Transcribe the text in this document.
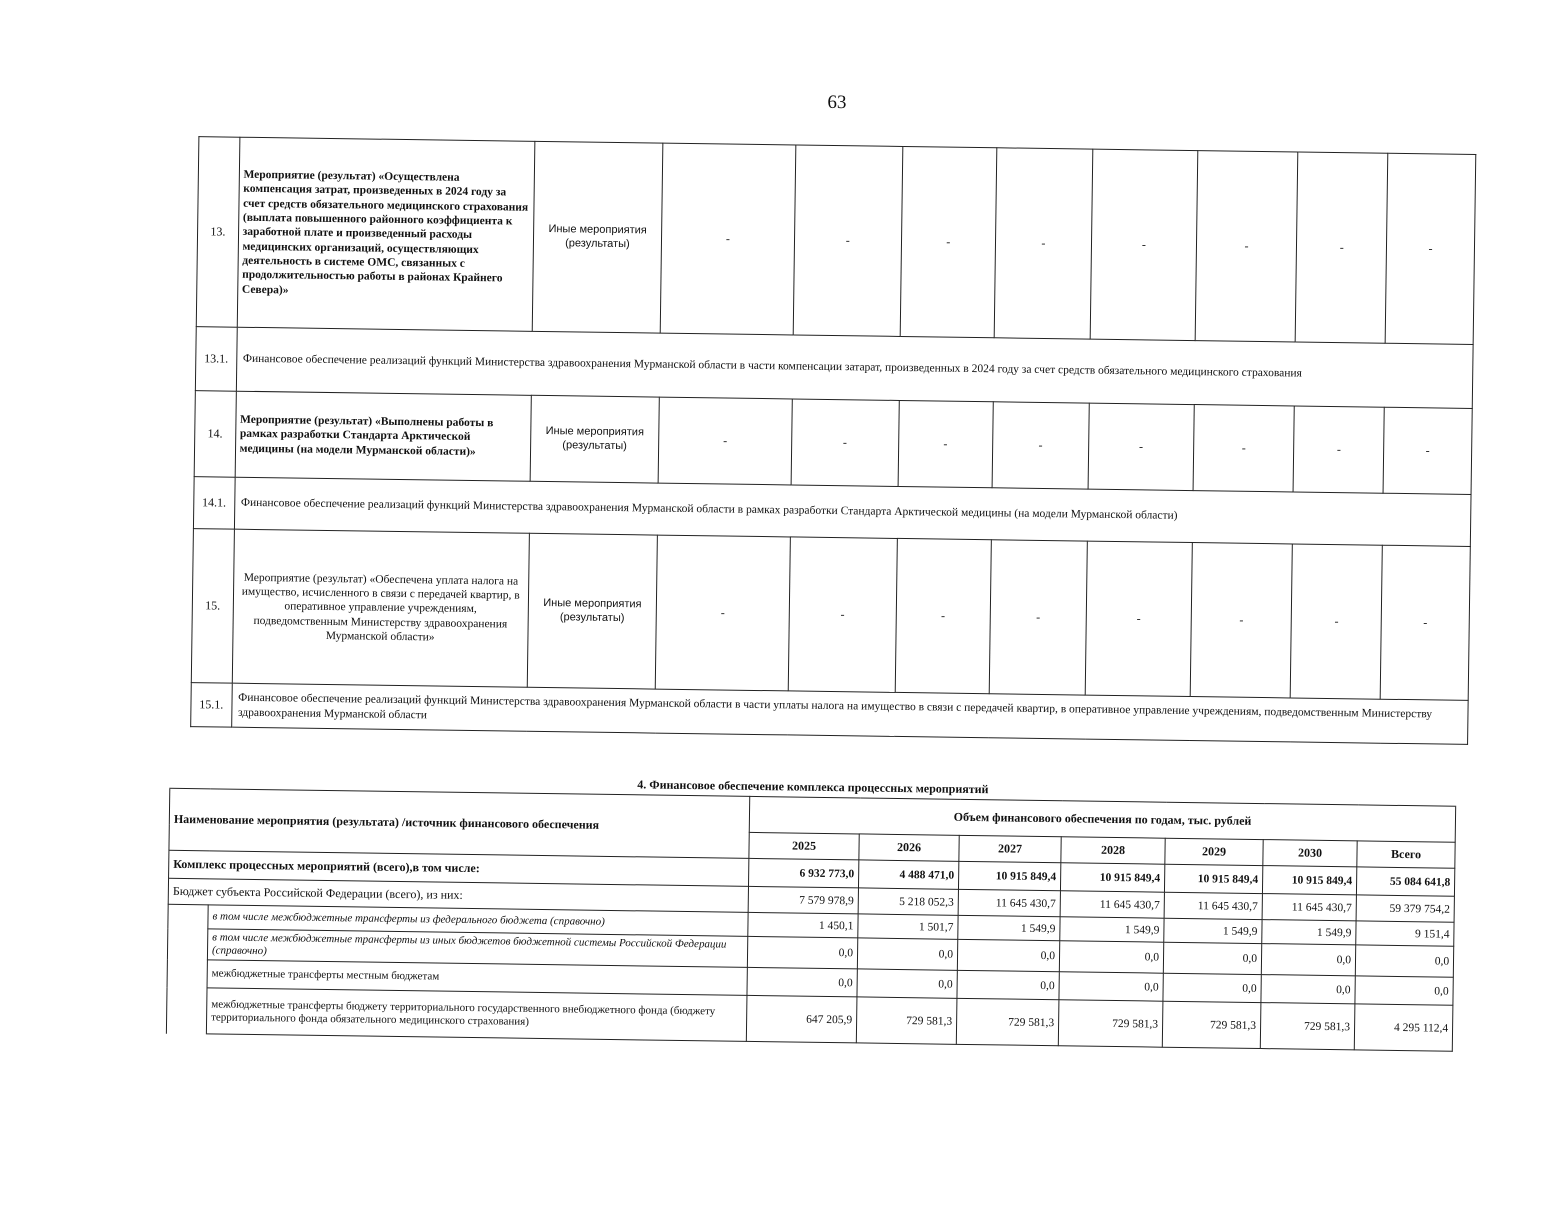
63
13.	Мероприятие (результат) «Осуществлена компенсация затрат, произведенных в 2024 году за счет средств обязательного медицинского страхования (выплата повышенного районного коэффициента к заработной плате и произведенный расходы медицинских организаций, осуществляющих деятельность в системе ОМС, связанных с продолжительностью работы в районах Крайнего Севера)»	Иные мероприятия (результаты)	-	-	-	-	-	-	-	-
13.1.	Финансовое обеспечение реализаций функций Министерства здравоохранения Мурманской области в части компенсации затарат, произведенных в 2024 году за счет средств обязательного медицинского страхования									
14.	Мероприятие (результат) «Выполнены работы в рамках разработки Стандарта Арктической медицины (на модели Мурманской области)»	Иные мероприятия (результаты)	-	-	-	-	-	-	-	-
14.1.	Финансовое обеспечение реализаций функций Министерства здравоохранения Мурманской области в рамках разработки Стандарта Арктической медицины (на модели Мурманской области)									
15.	Мероприятие (результат) «Обеспечена уплата налога на имущество, исчисленного в связи с передачей квартир, в оперативное управление учреждениям, подведомственным Министерству здравоохранения Мурманской области»	Иные мероприятия (результаты)	-	-	-	-	-	-	-	-
15.1.	Финансовое обеспечение реализаций функций Министерства здравоохранения Мурманской области в части уплаты налога на имущество в связи с передачей квартир, в оперативное управление учреждениям, подведомственным Министерству здравоохранения Мурманской области									
4. Финансовое обеспечение комплекса процессных мероприятий								
Наименование мероприятия (результата) /источник финансового обеспечения		Объем финансового обеспечения по годам, тыс. рублей						
		2025	2026	2027	2028	2029	2030	Всего
Комплекс процессных мероприятий (всего),в том числе:		6 932 773,0	4 488 471,0	10 915 849,4	10 915 849,4	10 915 849,4	10 915 849,4	55 084 641,8
Бюджет субъекта Российской Федерации (всего), из них:		7 579 978,9	5 218 052,3	11 645 430,7	11 645 430,7	11 645 430,7	11 645 430,7	59 379 754,2
	в том числе межбюджетные трансферты из федерального бюджета (справочно)	1 450,1	1 501,7	1 549,9	1 549,9	1 549,9	1 549,9	9 151,4
	в том числе межбюджетные трансферты из иных бюджетов бюджетной системы Российской Федерации (справочно)	0,0	0,0	0,0	0,0	0,0	0,0	0,0
	межбюджетные трансферты местным бюджетам	0,0	0,0	0,0	0,0	0,0	0,0	0,0
	межбюджетные трансферты бюджету территориального государственного внебюджетного фонда (бюджету территориального фонда обязательного медицинского страхования)	647 205,9	729 581,3	729 581,3	729 581,3	729 581,3	729 581,3	4 295 112,4
